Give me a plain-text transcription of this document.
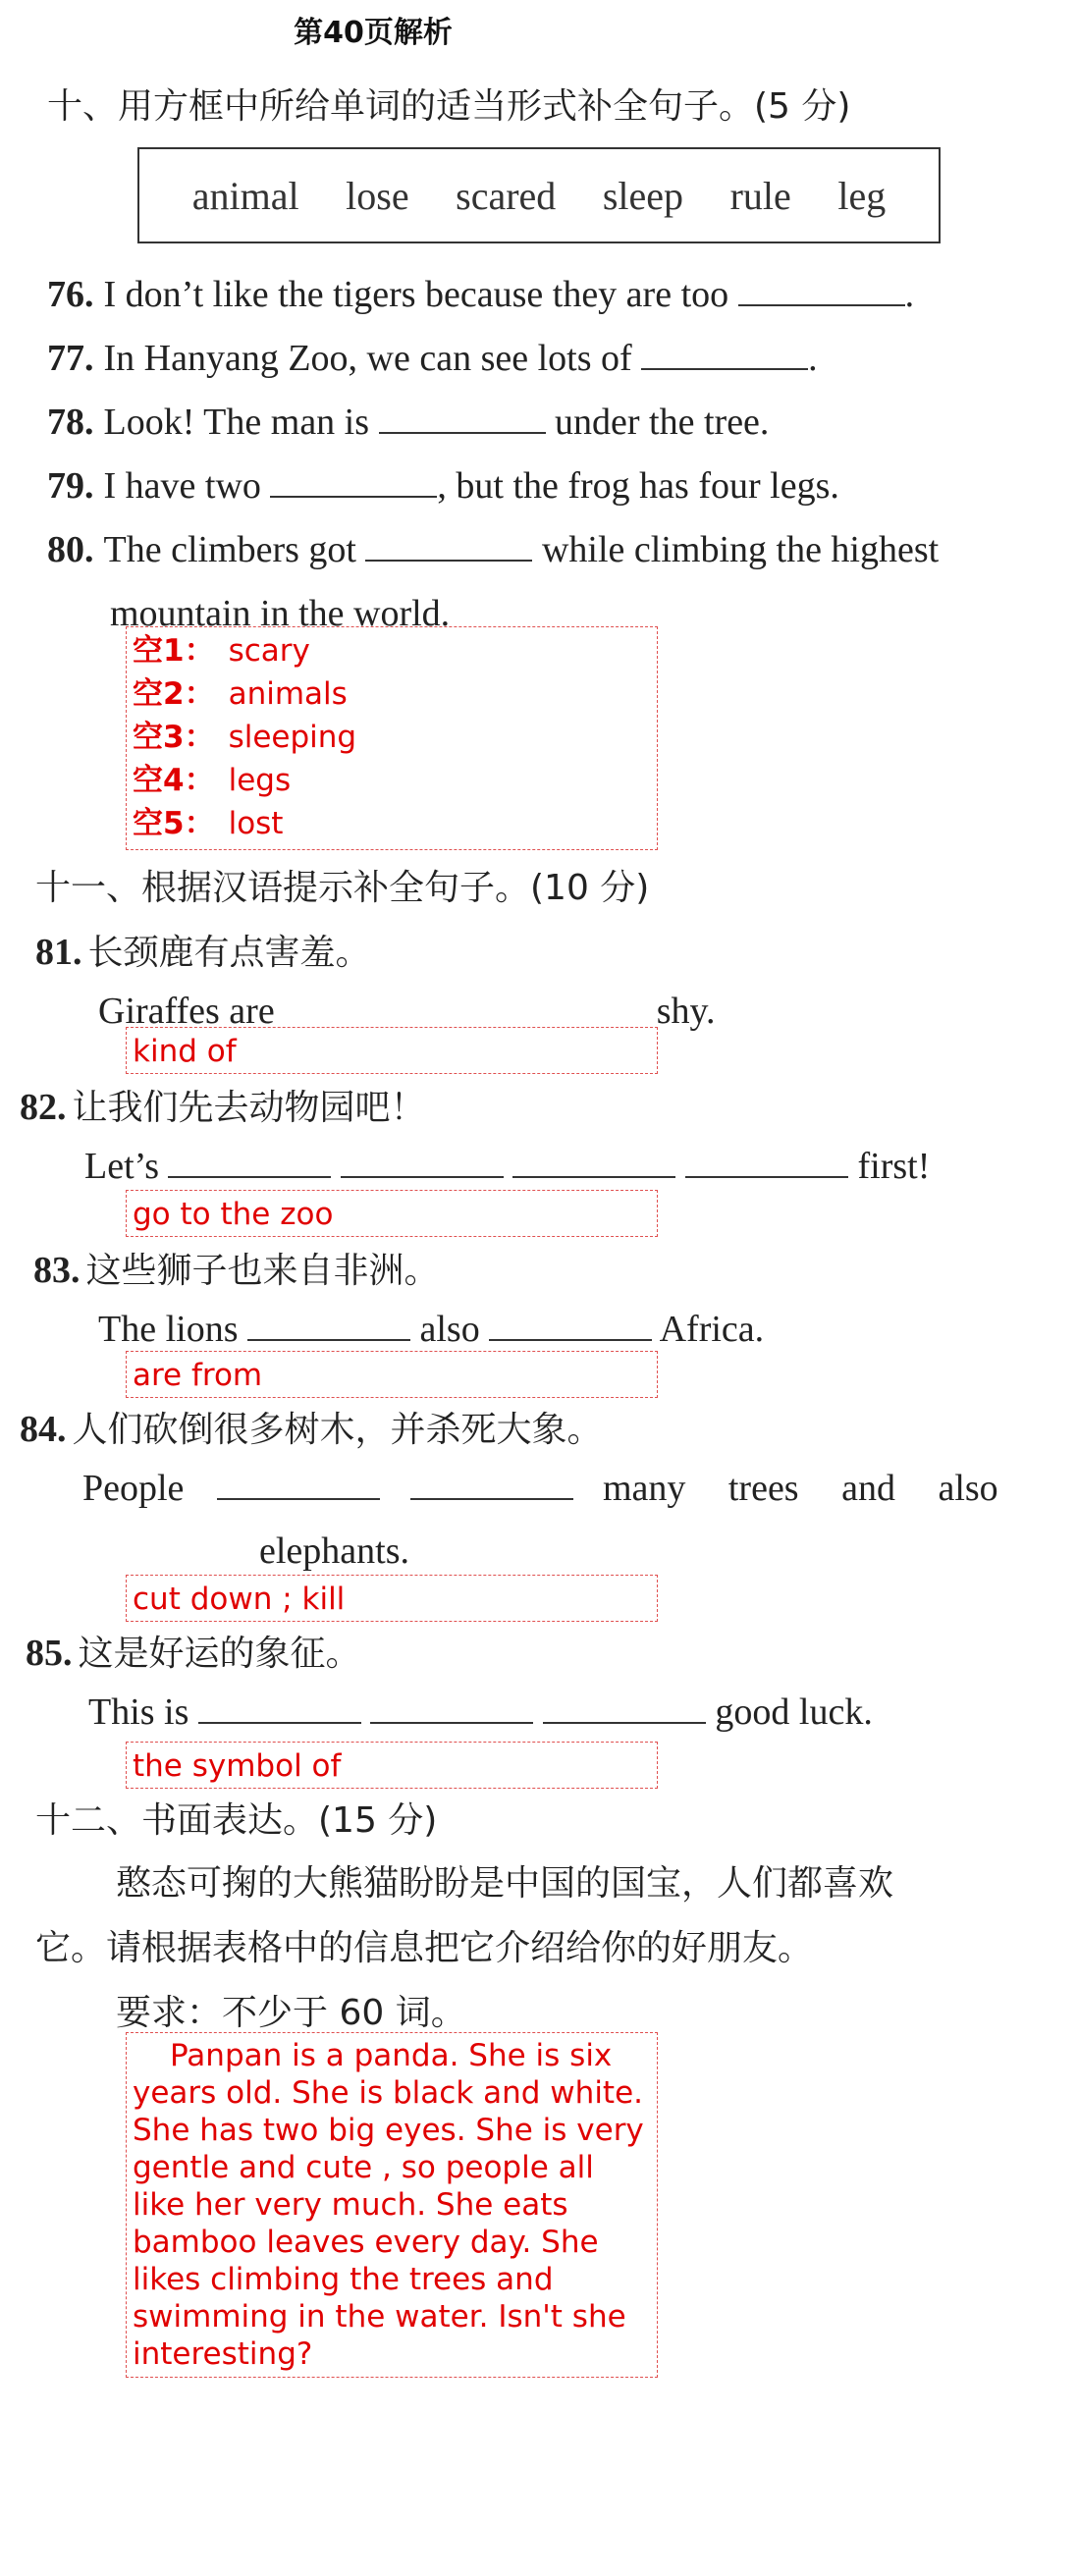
第40页解析
十、用方框中所给单词的适当形式补全句子。(5 分)
animal lose scared sleep rule leg
76. I don’t like the tigers because they are too	.
77. In Hanyang Zoo, we can see lots of	.
78. Look! The man is	under the tree.
79. I have two	, but the frog has four legs.
80. The climbers got	while climbing the highest
mountain in the world.
空1： scary
空2： animals
空3： sleeping
空4： legs
空5： lost
十一、根据汉语提示补全句子。(10 分)
81. 长颈鹿有点害羞。
Giraffes are	shy.
kind of
82. 让我们先去动物园吧！
Let’s	first!
go to the zoo
83. 这些狮子也来自非洲。
The lions	also	Africa.
are from
84. 人们砍倒很多树木，并杀死大象。
People	many trees and also
elephants.
cut down ; kill
85. 这是好运的象征。
This is	good luck.
the symbol of
十二、书面表达。(15 分)
憨态可掬的大熊猫盼盼是中国的国宝，人们都喜欢
它。请根据表格中的信息把它介绍给你的好朋友。
要求：不少于 60 词。
Panpan is a panda. She is six years old. She is black and white. She has two big eyes. She is very gentle and cute , so people all like her very much. She eats bamboo leaves every day. She likes climbing the trees and swimming in the water. Isn't she interesting?
